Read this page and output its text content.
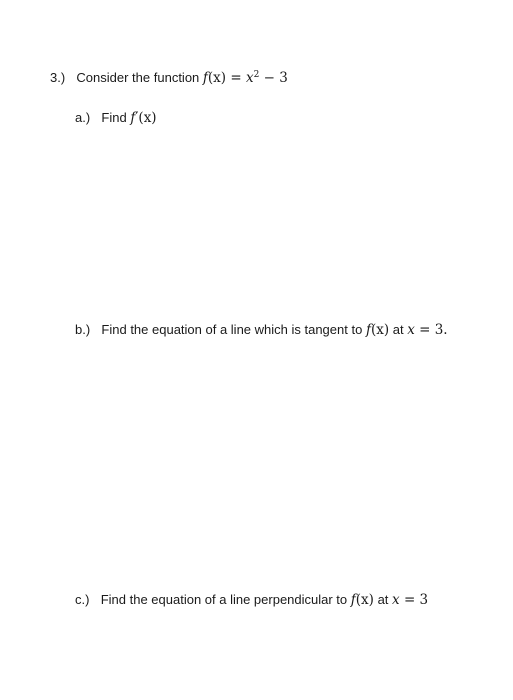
3.) Consider the function $f(x) = x^2 - 3$
a.) Find f′(x)
b.) Find the equation of a line which is tangent to f(x) at x = 3.
c.) Find the equation of a line perpendicular to f(x) at x = 3
